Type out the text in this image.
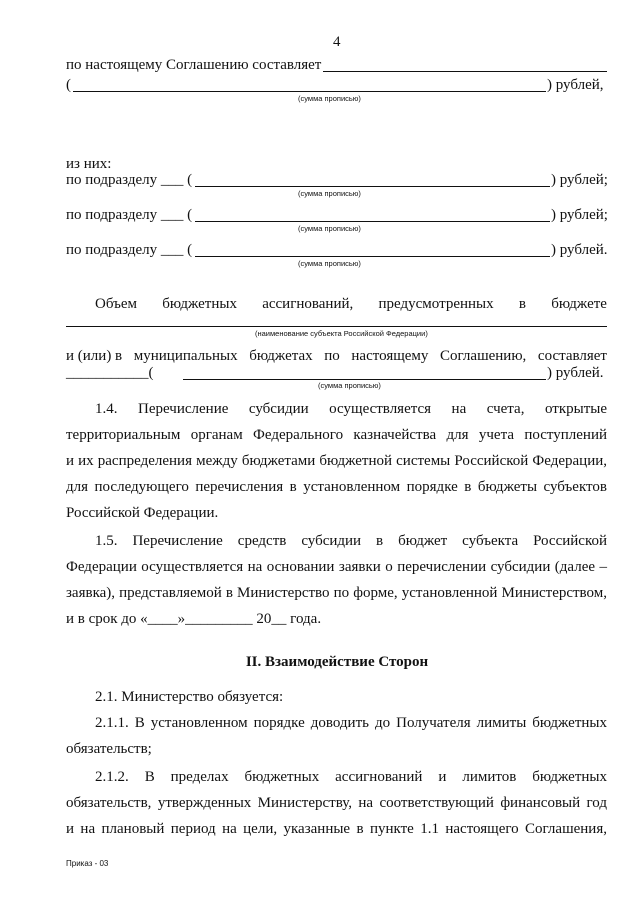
4
по настоящему Соглашению составляет
(	) рублей,
(сумма прописью)
из них:
по подразделу ___ (	) рублей;
(сумма прописью)
по подразделу ___ (	) рублей;
(сумма прописью)
по подразделу ___ (	) рублей.
(сумма прописью)
Объем бюджетных ассигнований, предусмотренных в бюджете
(наименование субъекта Российской Федерации)
и (или) в муниципальных бюджетах по настоящему Соглашению, составляет
___________(	) рублей.
(сумма прописью)
1.4. Перечисление субсидии осуществляется на счета, открытые
территориальным органам Федерального казначейства для учета поступлений
и их распределения между бюджетами бюджетной системы Российской Федерации,
для последующего перечисления в установленном порядке в бюджеты субъектов
Российской Федерации.
1.5. Перечисление средств субсидии в бюджет субъекта Российской
Федерации осуществляется на основании заявки о перечислении субсидии (далее –
заявка), представляемой в Министерство по форме, установленной Министерством,
и в срок до «____»_________ 20__ года.
II. Взаимодействие Сторон
2.1. Министерство обязуется:
2.1.1. В установленном порядке доводить до Получателя лимиты бюджетных
обязательств;
2.1.2. В пределах бюджетных ассигнований и лимитов бюджетных
обязательств, утвержденных Министерству, на соответствующий финансовый год
и на плановый период на цели, указанные в пункте 1.1 настоящего Соглашения,
Приказ - 03
